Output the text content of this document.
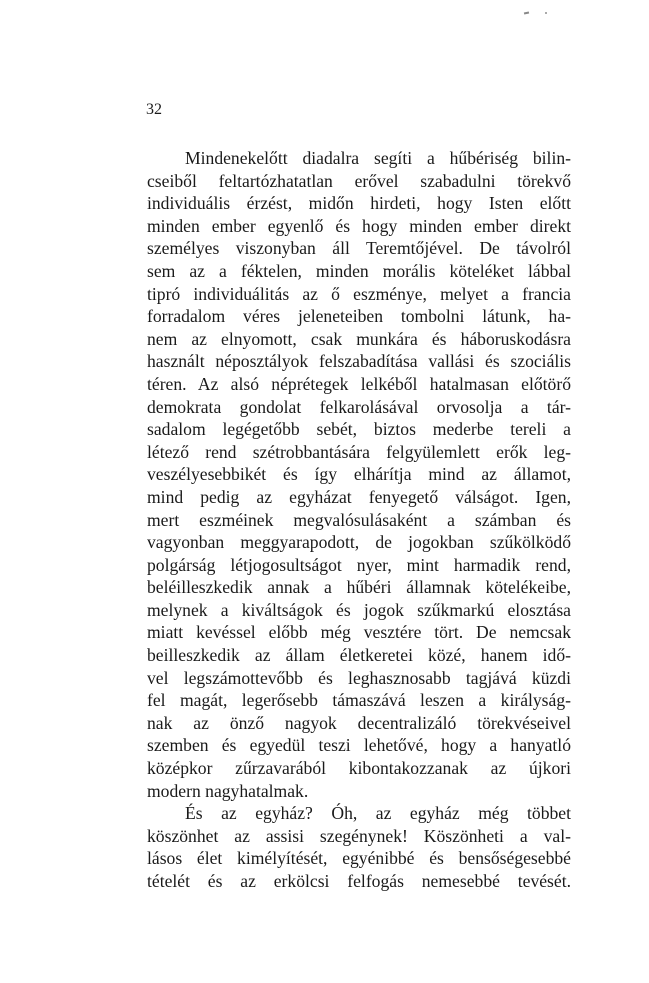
32
Mindenekelőtt diadalra segíti a hűbériség bilin-
cseiből feltartózhatatlan erővel szabadulni törekvő
individuális érzést, midőn hirdeti, hogy Isten előtt
minden ember egyenlő és hogy minden ember direkt
személyes viszonyban áll Teremtőjével. De távolról
sem az a féktelen, minden morális köteléket lábbal
tipró individuálitás az ő eszménye, melyet a francia
forradalom véres jeleneteiben tombolni látunk, ha-
nem az elnyomott, csak munkára és háboruskodásra
használt néposztályok felszabadítása vallási és szociális
téren. Az alsó néprétegek lelkéből hatalmasan előtörő
demokrata gondolat felkarolásával orvosolja a tár-
sadalom legégetőbb sebét, biztos mederbe tereli a
létező rend szétrobbantására felgyülemlett erők leg-
veszélyesebbikét és így elhárítja mind az államot,
mind pedig az egyházat fenyegető válságot. Igen,
mert eszméinek megvalósulásaként a számban és
vagyonban meggyarapodott, de jogokban szűkölködő
polgárság létjogosultságot nyer, mint harmadik rend,
beléilleszkedik annak a hűbéri államnak kötelékeibe,
melynek a kiváltságok és jogok szűkmarkú elosztása
miatt kevéssel előbb még vesztére tört. De nemcsak
beilleszkedik az állam életkeretei közé, hanem idő-
vel legszámottevőbb és leghasznosabb tagjává küzdi
fel magát, legerősebb támaszává leszen a királyság-
nak az önző nagyok decentralizáló törekvéseivel
szemben és egyedül teszi lehetővé, hogy a hanyatló
középkor zűrzavarából kibontakozzanak az újkori
modern nagyhatalmak.
És az egyház? Óh, az egyház még többet
köszönhet az assisi szegénynek! Köszönheti a val-
lásos élet kimélyítését, egyénibbé és bensőségesebbé
tételét és az erkölcsi felfogás nemesebbé tevését.
